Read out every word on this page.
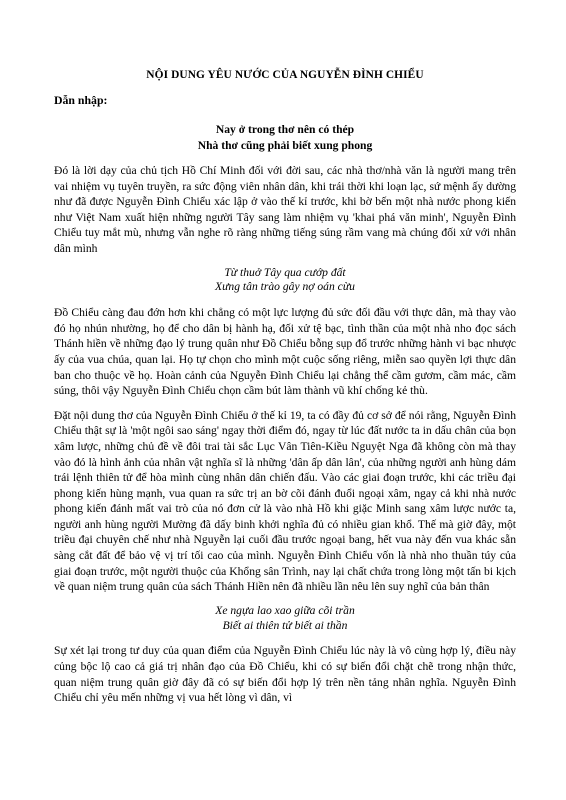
NỘI DUNG YÊU NƯỚC CỦA NGUYỄN ĐÌNH CHIỂU
Dẫn nhập:
Nay ở trong thơ nên có thép
Nhà thơ cũng phải biết xung phong

Đó là lời dạy của chủ tịch Hồ Chí Minh đối với đời sau, các nhà thơ/nhà văn là người mang trên vai nhiệm vụ tuyên truyền, ra sức động viên nhân dân, khi trái thời khi loạn lạc, sứ mệnh ấy dường như đã được Nguyễn Đình Chiểu xác lập ở vào thế kỉ trước, khi bờ bến một nhà nước phong kiến như Việt Nam xuất hiện những người Tây sang làm nhiệm vụ 'khai phá văn minh', Nguyễn Đình Chiểu tuy mắt mù, nhưng vẫn nghe rõ ràng những tiếng súng rầm vang mà chúng đối xử với nhân dân mình

Từ thuở Tây qua cướp đất
Xưng tân trào gây nợ oán cừu

Đồ Chiểu càng đau đớn hơn khi chẳng có một lực lượng đủ sức đối đầu với thực dân, mà thay vào đó họ nhún nhường, họ để cho dân bị hành hạ, đối xử tệ bạc, tình thần của một nhà nho đọc sách Thánh hiền về những đạo lý trung quân như Đồ Chiểu bỗng sụp đổ trước những hành vi bạc nhược ấy của vua chúa, quan lại. Họ tự chọn cho mình một cuộc sống riêng, miễn sao quyền lợi thực dân ban cho thuộc về họ. Hoàn cảnh của Nguyễn Đình Chiểu lại chẳng thể cầm gươm, cầm mác, cầm súng, thôi vậy Nguyễn Đình Chiểu chọn cầm bút làm thành vũ khí chống kẻ thù.

Đặt nội dung thơ của Nguyễn Đình Chiểu ở thế kỉ 19, ta có đầy đủ cơ sở để nói rằng, Nguyễn Đình Chiểu thật sự là 'một ngôi sao sáng' ngay thời điểm đó, ngay từ lúc đất nước ta in dấu chân của bọn xâm lược, những chủ đề về đôi trai tài sắc Lục Vân Tiên-Kiều Nguyệt Nga đã không còn mà thay vào đó là hình ảnh của nhân vật nghĩa sĩ là những 'dân ấp dân lân', của những người anh hùng dám trái lệnh thiên tử để hòa mình cùng nhân dân chiến đấu. Vào các giai đoạn trước, khi các triều đại phong kiến hùng mạnh, vua quan ra sức trị an bờ cõi đánh đuổi ngoại xâm, ngay cả khi nhà nước phong kiến đánh mất vai trò của nó đơn cử là vào nhà Hồ khi giặc Minh sang xâm lược nước ta, người anh hùng người Mường đã dấy binh khởi nghĩa đủ có nhiều gian khổ. Thế mà giờ đây, một triều đại chuyên chế như nhà Nguyễn lại cuối đầu trước ngoại bang, hết vua này đến vua khác sẵn sàng cắt đất để bảo vệ vị trí tối cao của mình. Nguyễn Đình Chiểu vốn là nhà nho thuần túy của giai đoạn trước, một người thuộc của Khổng sân Trình, nay lại chất chứa trong lòng một tấn bi kịch về quan niệm trung quân của sách Thánh Hiền nên đã nhiều lần nêu lên suy nghĩ của bản thân

Xe ngựa lao xao giữa cõi trần
Biết ai thiên tử biết ai thần

Sự xét lại trong tư duy của quan điểm của Nguyễn Đình Chiểu lúc này là vô cùng hợp lý, điều này củng bộc lộ cao cả giá trị nhân đạo của Đồ Chiểu, khi có sự biến đổi chặt chẽ trong nhận thức, quan niệm trung quân giờ đây đã có sự biến đổi hợp lý trên nền tảng nhân nghĩa. Nguyễn Đình Chiểu chỉ yêu mến những vị vua hết lòng vì dân, vì
